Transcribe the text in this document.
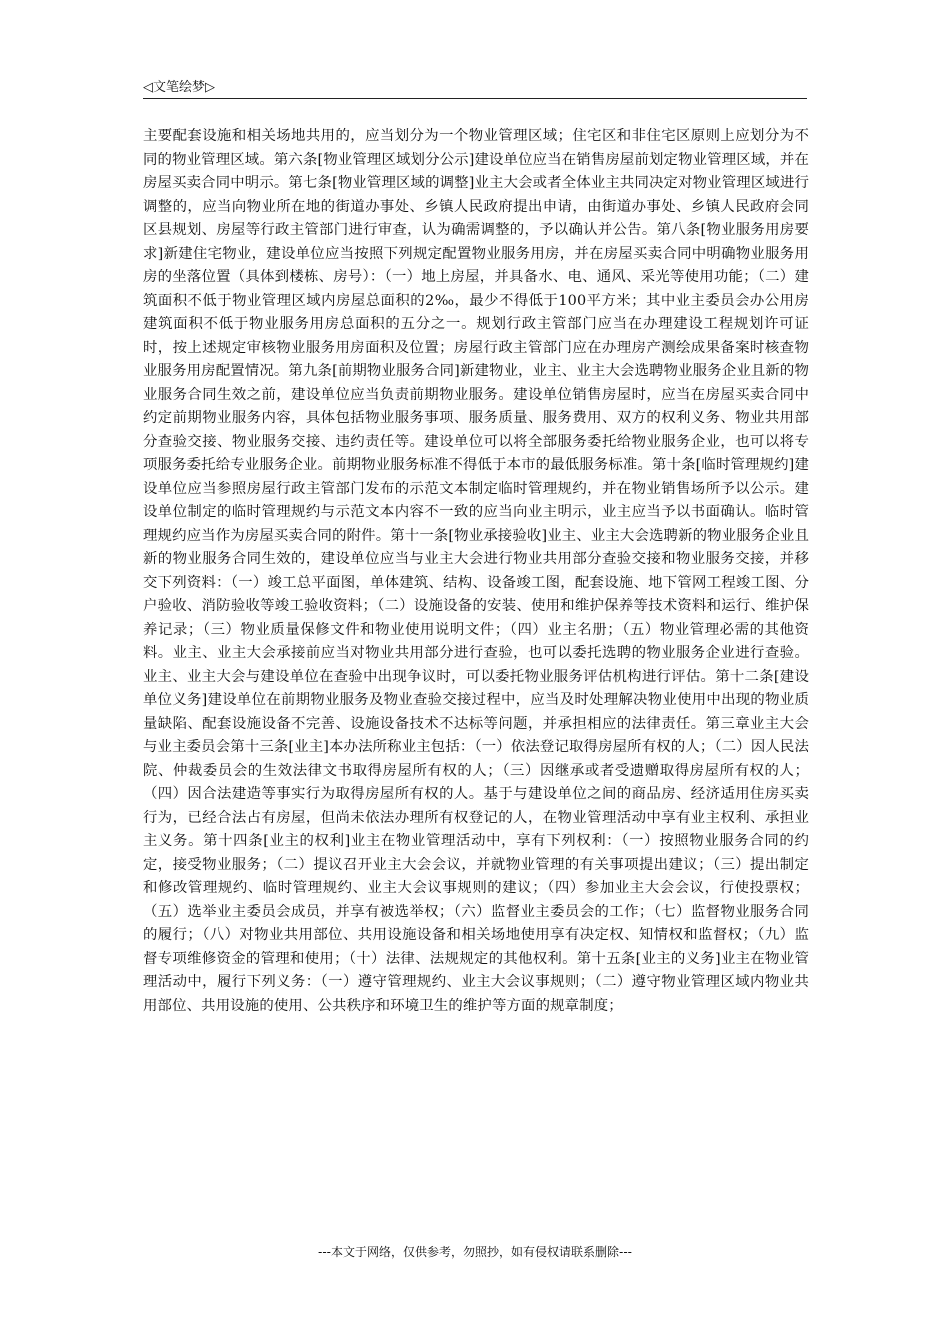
◁文笔绘梦▷
主要配套设施和相关场地共用的，应当划分为一个物业管理区域；住宅区和非住宅区原则上应划分为不同的物业管理区域。第六条[物业管理区域划分公示]建设单位应当在销售房屋前划定物业管理区域，并在房屋买卖合同中明示。第七条[物业管理区域的调整]业主大会或者全体业主共同决定对物业管理区域进行调整的，应当向物业所在地的街道办事处、乡镇人民政府提出申请，由街道办事处、乡镇人民政府会同区县规划、房屋等行政主管部门进行审查，认为确需调整的，予以确认并公告。第八条[物业服务用房要求]新建住宅物业，建设单位应当按照下列规定配置物业服务用房，并在房屋买卖合同中明确物业服务用房的坐落位置（具体到楼栋、房号）：（一）地上房屋，并具备水、电、通风、采光等使用功能；（二）建筑面积不低于物业管理区域内房屋总面积的2‰，最少不得低于100平方米；其中业主委员会办公用房建筑面积不低于物业服务用房总面积的五分之一。规划行政主管部门应当在办理建设工程规划许可证时，按上述规定审核物业服务用房面积及位置；房屋行政主管部门应在办理房产测绘成果备案时核查物业服务用房配置情况。第九条[前期物业服务合同]新建物业，业主、业主大会选聘物业服务企业且新的物业服务合同生效之前，建设单位应当负责前期物业服务。建设单位销售房屋时，应当在房屋买卖合同中约定前期物业服务内容，具体包括物业服务事项、服务质量、服务费用、双方的权利义务、物业共用部分查验交接、物业服务交接、违约责任等。建设单位可以将全部服务委托给物业服务企业，也可以将专项服务委托给专业服务企业。前期物业服务标准不得低于本市的最低服务标准。第十条[临时管理规约]建设单位应当参照房屋行政主管部门发布的示范文本制定临时管理规约，并在物业销售场所予以公示。建设单位制定的临时管理规约与示范文本内容不一致的应当向业主明示，业主应当予以书面确认。临时管理规约应当作为房屋买卖合同的附件。第十一条[物业承接验收]业主、业主大会选聘新的物业服务企业且新的物业服务合同生效的，建设单位应当与业主大会进行物业共用部分查验交接和物业服务交接，并移交下列资料：（一）竣工总平面图，单体建筑、结构、设备竣工图，配套设施、地下管网工程竣工图、分户验收、消防验收等竣工验收资料；（二）设施设备的安装、使用和维护保养等技术资料和运行、维护保养记录；（三）物业质量保修文件和物业使用说明文件；（四）业主名册；（五）物业管理必需的其他资料。业主、业主大会承接前应当对物业共用部分进行查验，也可以委托选聘的物业服务企业进行查验。业主、业主大会与建设单位在查验中出现争议时，可以委托物业服务评估机构进行评估。第十二条[建设单位义务]建设单位在前期物业服务及物业查验交接过程中，应当及时处理解决物业使用中出现的物业质量缺陷、配套设施设备不完善、设施设备技术不达标等问题，并承担相应的法律责任。第三章业主大会与业主委员会第十三条[业主]本办法所称业主包括：（一）依法登记取得房屋所有权的人；（二）因人民法院、仲裁委员会的生效法律文书取得房屋所有权的人；（三）因继承或者受遗赠取得房屋所有权的人；（四）因合法建造等事实行为取得房屋所有权的人。基于与建设单位之间的商品房、经济适用住房买卖行为，已经合法占有房屋，但尚未依法办理所有权登记的人，在物业管理活动中享有业主权利、承担业主义务。第十四条[业主的权利]业主在物业管理活动中，享有下列权利：（一）按照物业服务合同的约定，接受物业服务；（二）提议召开业主大会会议，并就物业管理的有关事项提出建议；（三）提出制定和修改管理规约、临时管理规约、业主大会议事规则的建议；（四）参加业主大会会议，行使投票权；（五）选举业主委员会成员，并享有被选举权；（六）监督业主委员会的工作；（七）监督物业服务合同的履行；（八）对物业共用部位、共用设施设备和相关场地使用享有决定权、知情权和监督权；（九）监督专项维修资金的管理和使用；（十）法律、法规规定的其他权利。第十五条[业主的义务]业主在物业管理活动中，履行下列义务：（一）遵守管理规约、业主大会议事规则；（二）遵守物业管理区域内物业共用部位、共用设施的使用、公共秩序和环境卫生的维护等方面的规章制度；
---本文于网络，仅供参考，勿照抄，如有侵权请联系删除---
